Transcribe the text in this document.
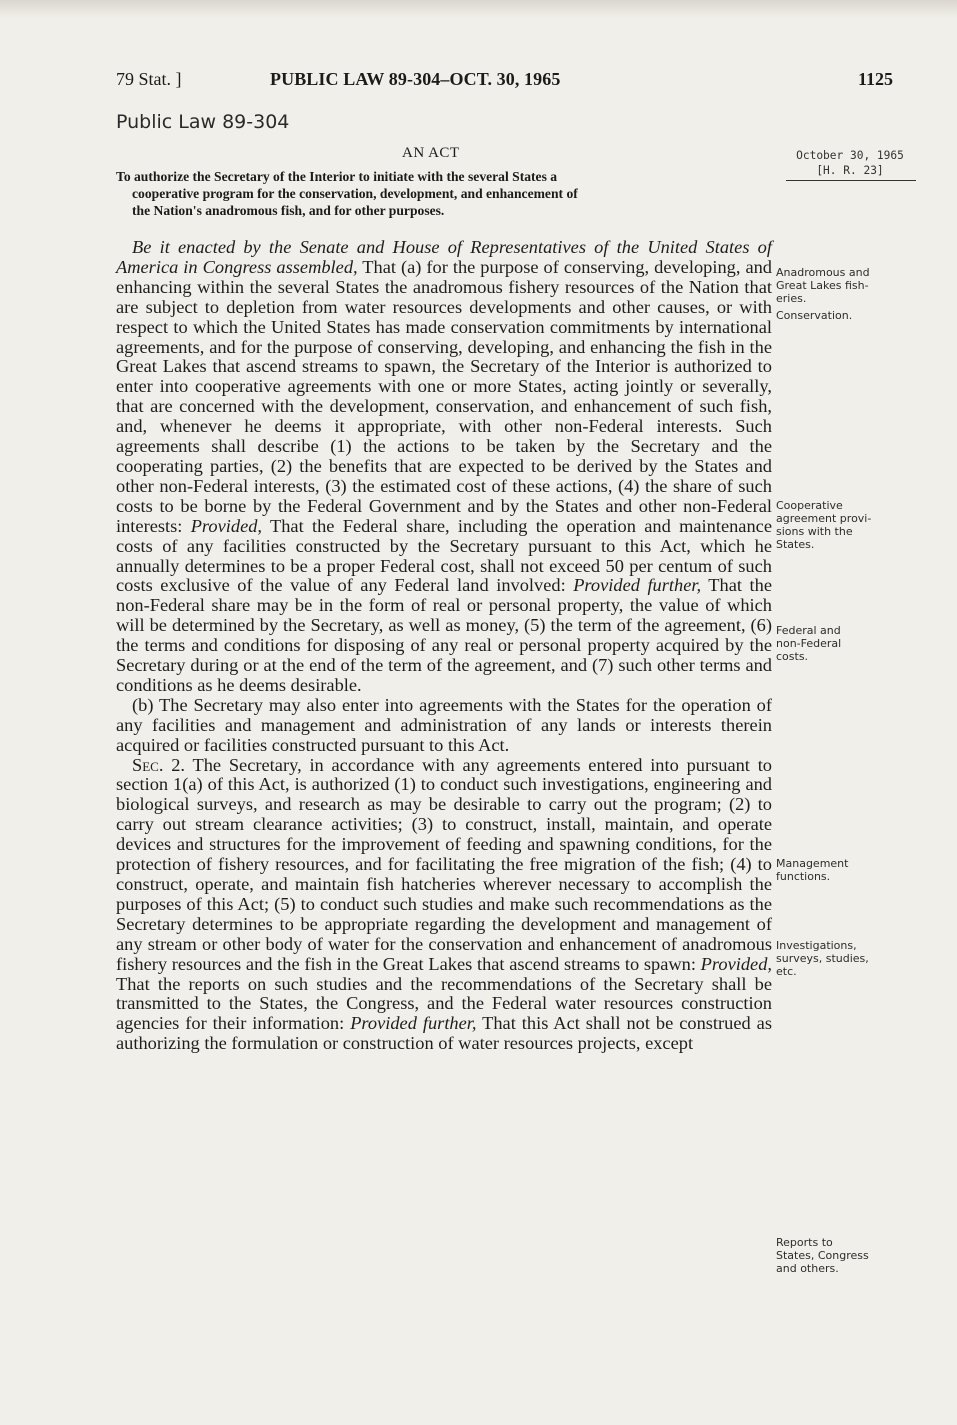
79 Stat. ]	PUBLIC LAW 89-304–OCT. 30, 1965	1125
Public Law 89-304
AN ACT

To authorize the Secretary of the Interior to initiate with the several States a

cooperative program for the conservation, development, and enhancement of

the Nation's anadromous fish, and for other purposes.

October 30, 1965
[H. R. 23]

Be it enacted by the Senate and House of Representatives of the United States of America in Congress assembled, That (a) for the purpose of conserving, developing, and enhancing within the several States the anadromous fishery resources of the Nation that are subject to depletion from water resources developments and other causes, or with respect to which the United States has made conservation commitments by international agreements, and for the purpose of conserving, developing, and enhancing the fish in the Great Lakes that ascend streams to spawn, the Secretary of the Interior is authorized to enter into cooperative agreements with one or more States, acting jointly or severally, that are concerned with the development, conservation, and enhancement of such fish, and, whenever he deems it appropriate, with other non-Federal interests. Such agreements shall describe (1) the actions to be taken by the Secretary and the cooperating parties, (2) the benefits that are expected to be derived by the States and other non-Federal interests, (3) the estimated cost of these actions, (4) the share of such costs to be borne by the Federal Government and by the States and other non-Federal interests: Provided, That the Federal share, including the operation and maintenance costs of any facilities constructed by the Secretary pursuant to this Act, which he annually determines to be a proper Federal cost, shall not exceed 50 per centum of such costs exclusive of the value of any Federal land involved: Provided further, That the non-Federal share may be in the form of real or personal property, the value of which will be determined by the Secretary, as well as money, (5) the term of the agreement, (6) the terms and conditions for disposing of any real or personal property acquired by the Secretary during or at the end of the term of the agreement, and (7) such other terms and conditions as he deems desirable.

(b) The Secretary may also enter into agreements with the States for the operation of any facilities and management and administration of any lands or interests therein acquired or facilities constructed pursuant to this Act.

Sec. 2. The Secretary, in accordance with any agreements entered into pursuant to section 1(a) of this Act, is authorized (1) to conduct such investigations, engineering and biological surveys, and research as may be desirable to carry out the program; (2) to carry out stream clearance activities; (3) to construct, install, maintain, and operate devices and structures for the improvement of feeding and spawning conditions, for the protection of fishery resources, and for facilitating the free migration of the fish; (4) to construct, operate, and maintain fish hatcheries wherever necessary to accomplish the purposes of this Act; (5) to conduct such studies and make such recommendations as the Secretary determines to be appropriate regarding the development and management of any stream or other body of water for the conservation and enhancement of anadromous fishery resources and the fish in the Great Lakes that ascend streams to spawn: Provided, That the reports on such studies and the recommendations of the Secretary shall be transmitted to the States, the Congress, and the Federal water resources construction agencies for their information: Provided further, That this Act shall not be construed as authorizing the formulation or construction of water resources projects, except

Anadromous and
Great Lakes fish-
eries.
Conservation.
Cooperative
agreement provi-
sions with the
States.
Federal and
non-Federal
costs.
Management
functions.
Investigations,
surveys, studies,
etc.
Reports to
States, Congress
and others.
